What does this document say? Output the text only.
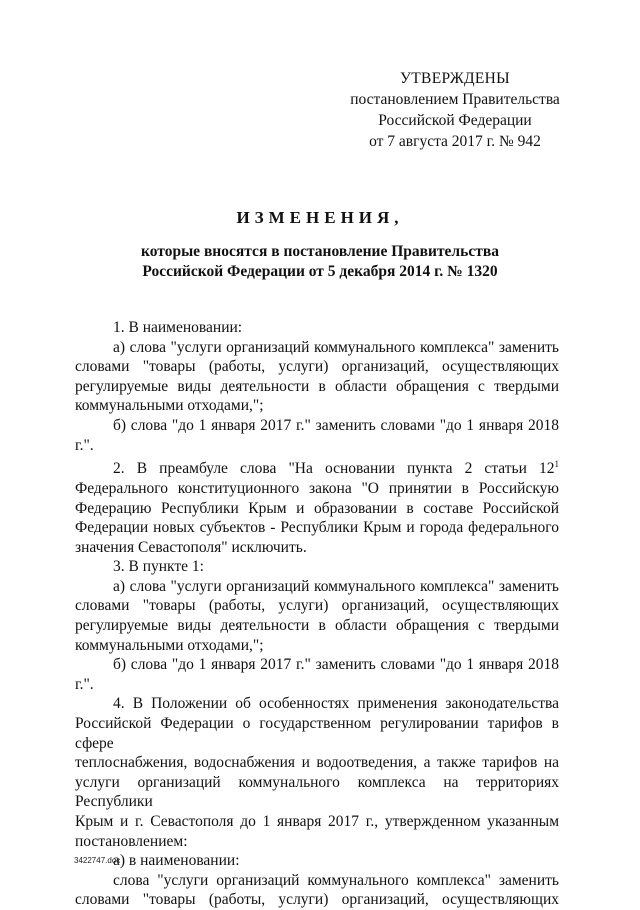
УТВЕРЖДЕНЫ
постановлением Правительства
Российской Федерации
от 7 августа 2017 г. № 942
ИЗМЕНЕНИЯ,
которые вносятся в постановление Правительства
Российской Федерации от 5 декабря 2014 г. № 1320
1. В наименовании:
а) слова "услуги организаций коммунального комплекса" заменить
словами "товары (работы, услуги) организаций, осуществляющих
регулируемые виды деятельности в области обращения с твердыми
коммунальными отходами,";
б) слова "до 1 января 2017 г." заменить словами "до 1 января 2018 г.".
2. В преамбуле слова "На основании пункта 2 статьи $12^1$
Федерального конституционного закона "О принятии в Российскую
Федерацию Республики Крым и образовании в составе Российской
Федерации новых субъектов - Республики Крым и города федерального
значения Севастополя" исключить.
3. В пункте 1:
а) слова "услуги организаций коммунального комплекса" заменить
словами "товары (работы, услуги) организаций, осуществляющих
регулируемые виды деятельности в области обращения с твердыми
коммунальными отходами,";
б) слова "до 1 января 2017 г." заменить словами "до 1 января 2018 г.".
4. В Положении об особенностях применения законодательства
Российской Федерации о государственном регулировании тарифов в сфере
теплоснабжения, водоснабжения и водоотведения, а также тарифов на
услуги организаций коммунального комплекса на территориях Республики
Крым и г. Севастополя до 1 января 2017 г., утвержденном указанным
постановлением:
а) в наименовании:
слова "услуги организаций коммунального комплекса" заменить
словами "товары (работы, услуги) организаций, осуществляющих
3422747.doc
